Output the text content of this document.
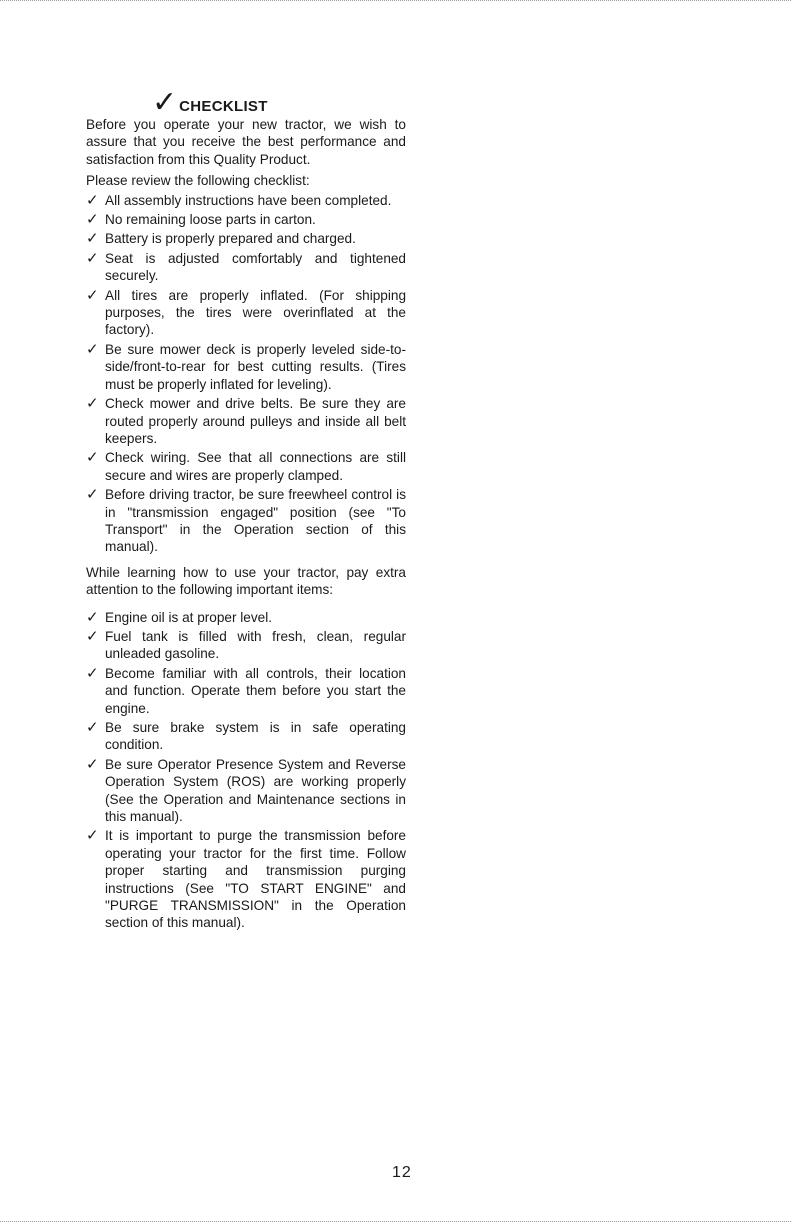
✓ CHECKLIST

Before you operate your new tractor, we wish to assure that you receive the best performance and satisfaction from this Quality Product.

Please review the following checklist:

✓ All assembly instructions have been completed.
✓ No remaining loose parts in carton.
✓ Battery is properly prepared and charged.
✓ Seat is adjusted comfortably and tightened securely.
✓ All tires are properly inflated. (For shipping purposes, the tires were overinflated at the factory).
✓ Be sure mower deck is properly leveled side-to-side/front-to-rear for best cutting results. (Tires must be properly inflated for leveling).
✓ Check mower and drive belts. Be sure they are routed properly around pulleys and inside all belt keepers.
✓ Check wiring. See that all connections are still secure and wires are properly clamped.
✓ Before driving tractor, be sure freewheel control is in "transmission engaged" position (see "To Transport" in the Operation section of this manual).

While learning how to use your tractor, pay extra attention to the following important items:

✓ Engine oil is at proper level.
✓ Fuel tank is filled with fresh, clean, regular unleaded gasoline.
✓ Become familiar with all controls, their location and function. Operate them before you start the engine.
✓ Be sure brake system is in safe operating condition.
✓ Be sure Operator Presence System and Reverse Operation System (ROS) are working properly (See the Operation and Maintenance sections in this manual).
✓ It is important to purge the transmission before operating your tractor for the first time. Follow proper starting and transmission purging instructions (See "TO START ENGINE" and "PURGE TRANSMISSION" in the Operation section of this manual).
12
